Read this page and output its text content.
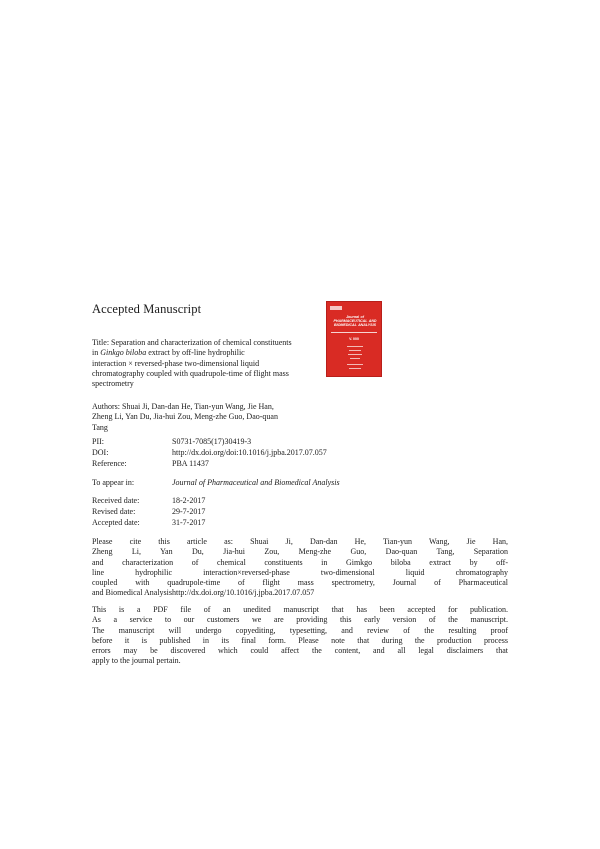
Accepted Manuscript
Journal of PHARMACEUTICAL AND BIOMEDICAL ANALYSIS
V. 000
Title: Separation and characterization of chemical constituents
in Ginkgo biloba extract by off-line hydrophilic
interaction × reversed-phase two-dimensional liquid
chromatography coupled with quadrupole-time of flight mass
spectrometry
Authors: Shuai Ji, Dan-dan He, Tian-yun Wang, Jie Han,
Zheng Li, Yan Du, Jia-hui Zou, Meng-zhe Guo, Dao-quan
Tang
PII:	S0731-7085(17)30419-3
DOI:	http://dx.doi.org/doi:10.1016/j.jpba.2017.07.057
Reference:	PBA 11437
To appear in:	Journal of Pharmaceutical and Biomedical Analysis
Received date:	18-2-2017
Revised date:	29-7-2017
Accepted date:	31-7-2017
Please cite this article as: Shuai Ji, Dan-dan He, Tian-yun Wang, Jie Han,
Zheng Li, Yan Du, Jia-hui Zou, Meng-zhe Guo, Dao-quan Tang, Separation
and characterization of chemical constituents in Gimkgo biloba extract by off-
line hydrophilic interaction×reversed-phase two-dimensional liquid chromatography
coupled with quadrupole-time of flight mass spectrometry, Journal of Pharmaceutical
and Biomedical Analysishttp://dx.doi.org/10.1016/j.jpba.2017.07.057
This is a PDF file of an unedited manuscript that has been accepted for publication.
As a service to our customers we are providing this early version of the manuscript.
The manuscript will undergo copyediting, typesetting, and review of the resulting proof
before it is published in its final form. Please note that during the production process
errors may be discovered which could affect the content, and all legal disclaimers that
apply to the journal pertain.
